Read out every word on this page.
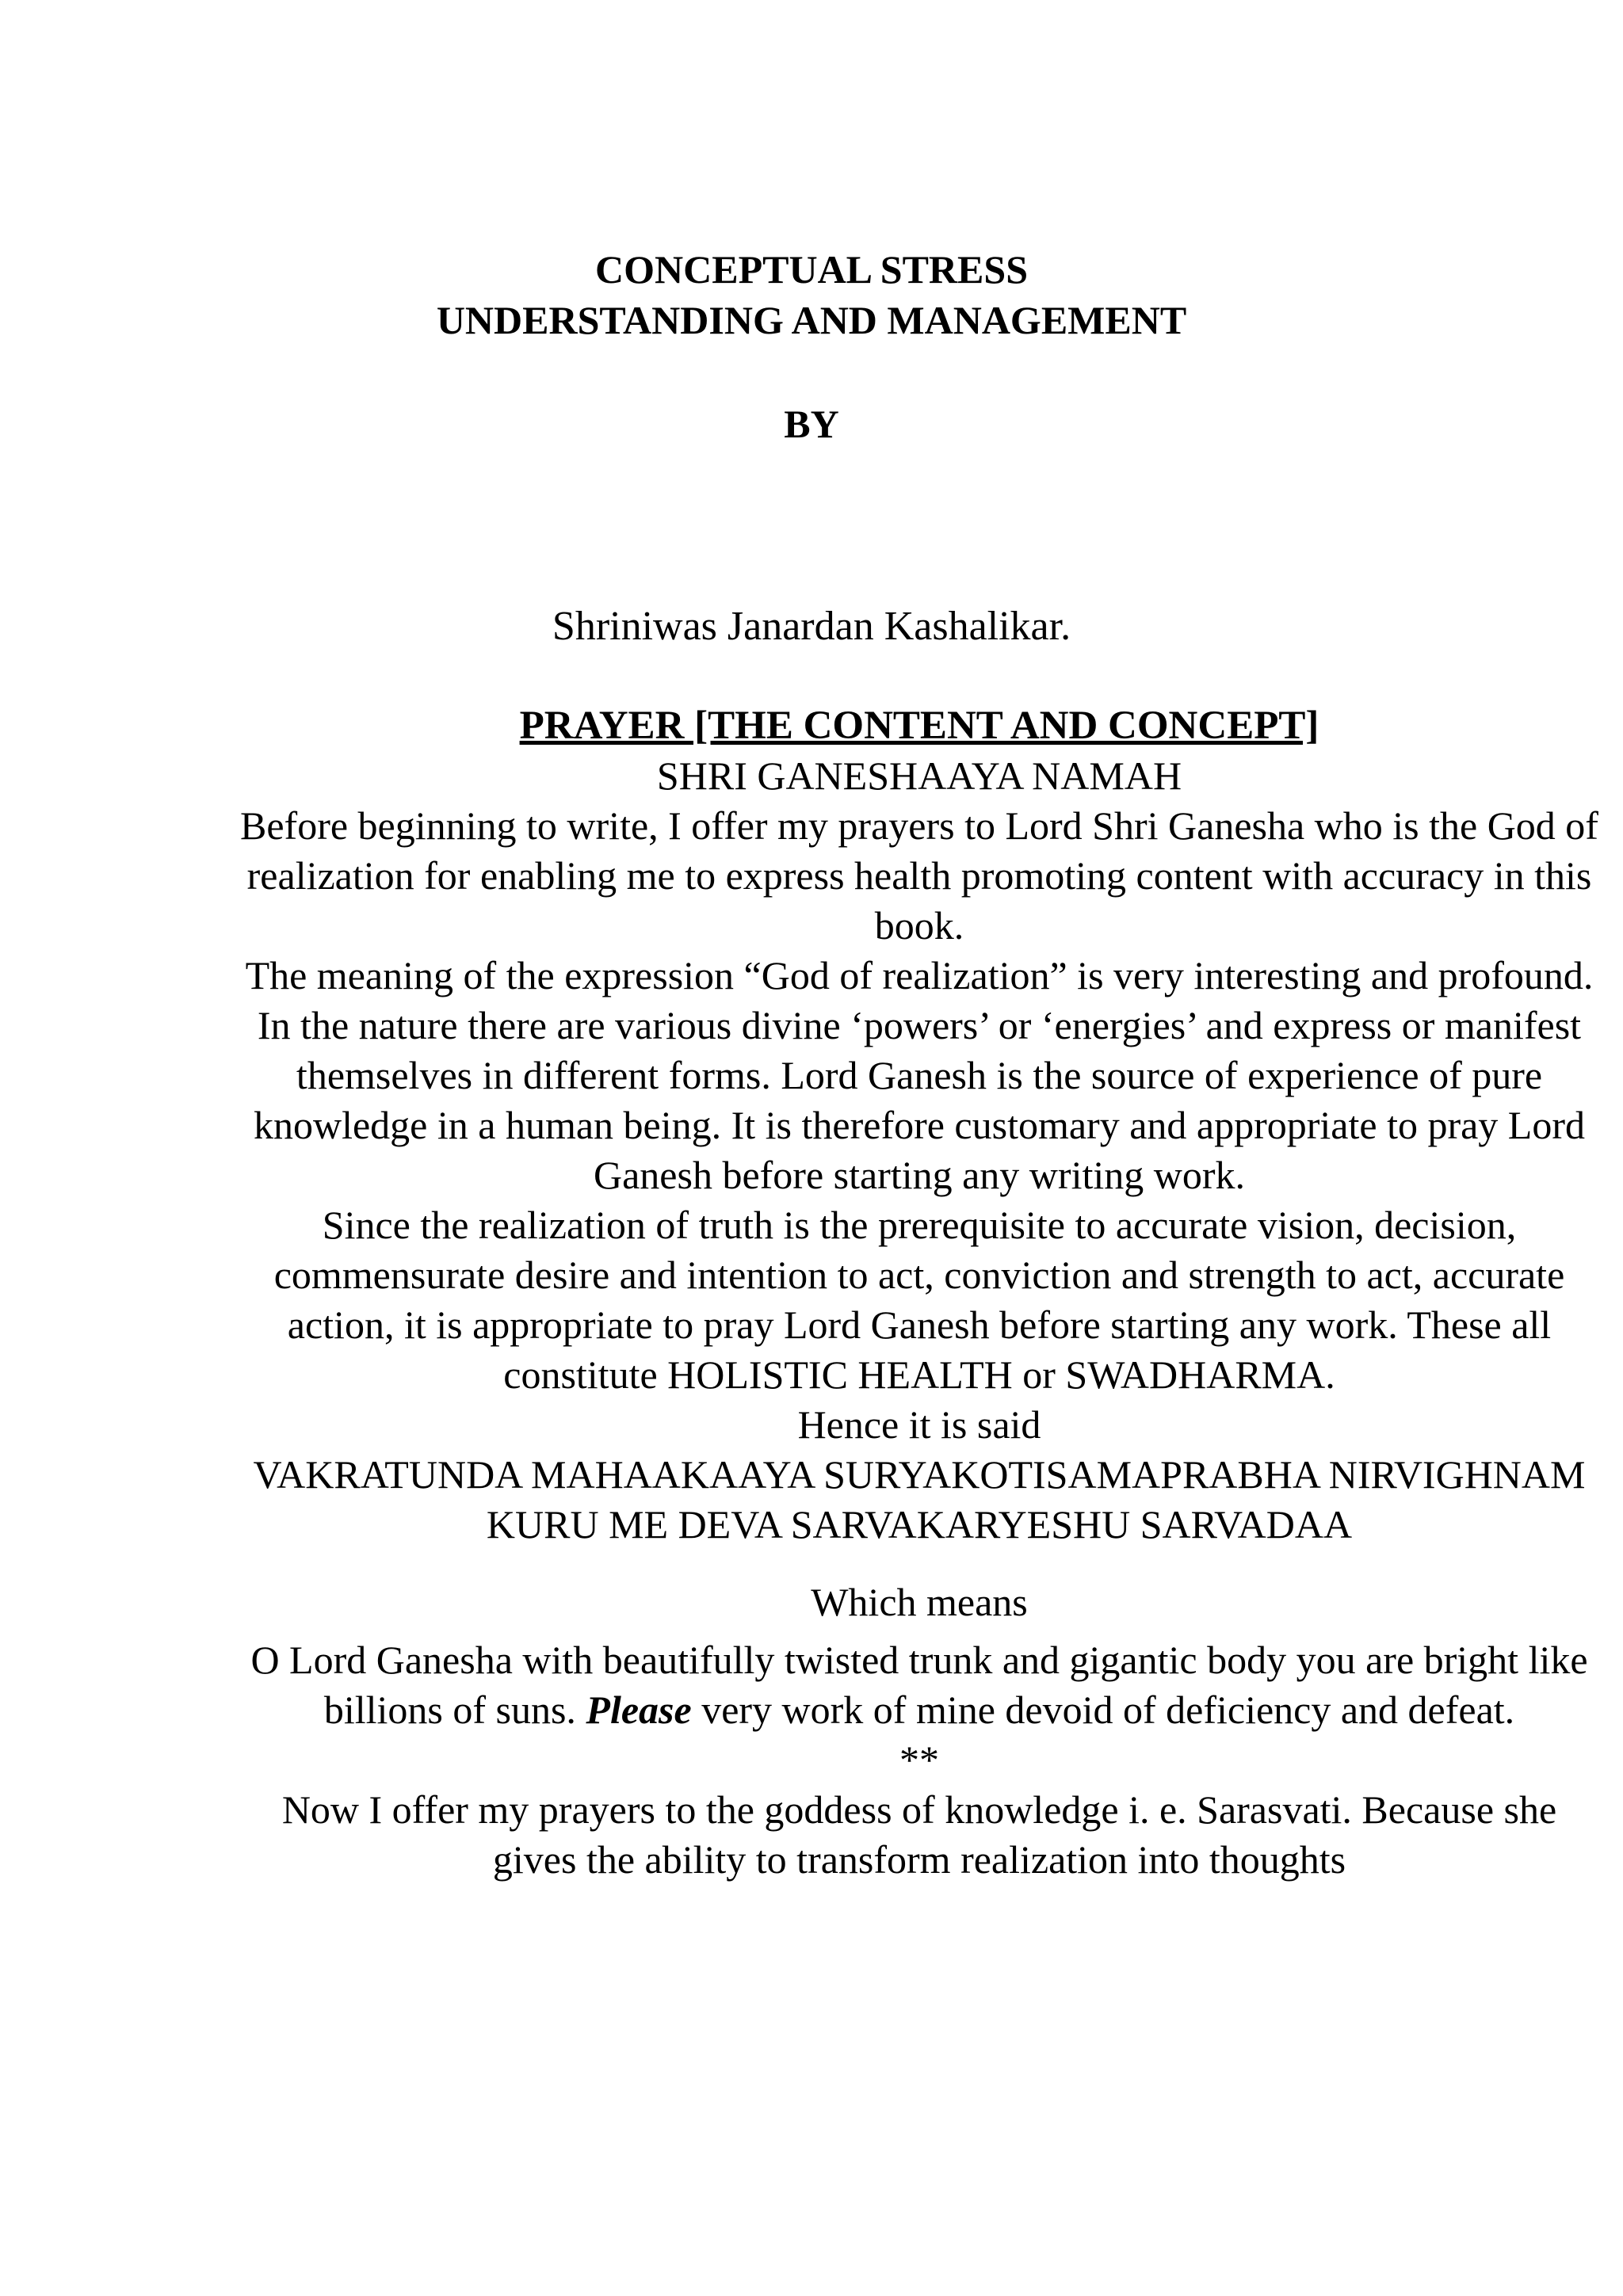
CONCEPTUAL STRESS
UNDERSTANDING AND MANAGEMENT
BY
Shriniwas Janardan Kashalikar.

PRAYER [THE CONTENT AND CONCEPT]

SHRI GANESHAAYA NAMAH

Before beginning to write, I offer my prayers to Lord Shri Ganesha who is the God of realization for enabling me to express health promoting content with accuracy in this book.

The meaning of the expression “God of realization” is very interesting and profound. In the nature there are various divine ‘powers’ or ‘energies’ and express or manifest themselves in different forms. Lord Ganesh is the source of experience of pure knowledge in a human being. It is therefore customary and appropriate to pray Lord Ganesh before starting any writing work.

Since the realization of truth is the prerequisite to accurate vision, decision, commensurate desire and intention to act, conviction and strength to act, accurate action, it is appropriate to pray Lord Ganesh before starting any work. These all constitute HOLISTIC HEALTH or SWADHARMA.

Hence it is said

VAKRATUNDA MAHAAKAAYA SURYAKOTISAMAPRABHA NIRVIGHNAM KURU ME DEVA SARVAKARYESHU SARVADAA

Which means

O Lord Ganesha with beautifully twisted trunk and gigantic body you are bright like billions of suns. Please very work of mine devoid of deficiency and defeat.

**

Now I offer my prayers to the goddess of knowledge i. e. Sarasvati. Because she gives the ability to transform realization into thoughts
